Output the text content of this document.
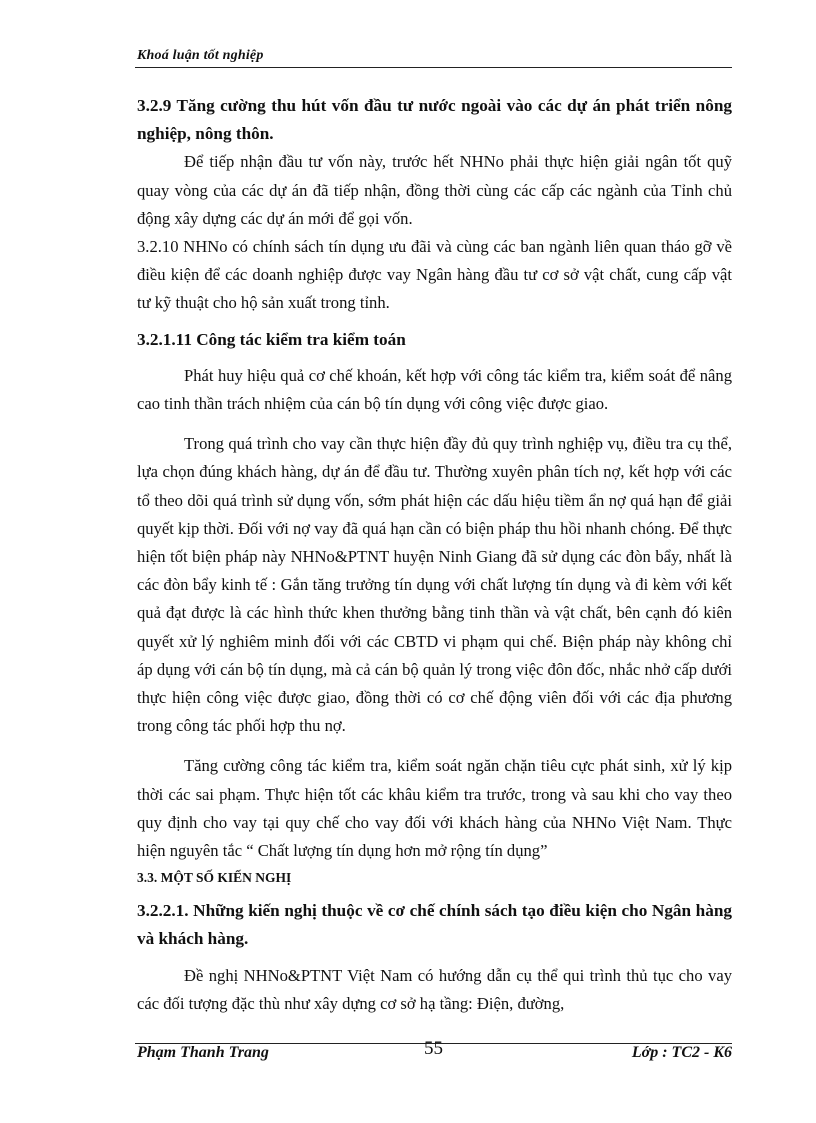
Khoá luận tốt nghiệp

3.2.9 Tăng cường thu hút vốn đầu tư nước ngoài vào các dự án phát triển nông nghiệp, nông thôn.

Để tiếp nhận đầu tư vốn này, trước hết NHNo phải thực hiện giải ngân tốt quỹ quay vòng của các dự án đã tiếp nhận, đồng thời cùng các cấp các ngành của Tỉnh chủ động xây dựng các dự án mới để gọi vốn.

3.2.10 NHNo có chính sách tín dụng ưu đãi và cùng các ban ngành liên quan tháo gỡ về điều kiện để các doanh nghiệp được vay Ngân hàng đầu tư cơ sở vật chất, cung cấp vật tư kỹ thuật cho hộ sản xuất trong tỉnh.

3.2.1.11 Công tác kiểm tra kiểm toán

Phát huy hiệu quả cơ chế khoán, kết hợp với công tác kiểm tra, kiểm soát để nâng cao tinh thần trách nhiệm của cán bộ tín dụng với công việc được giao.

Trong quá trình cho vay cần thực hiện đầy đủ quy trình nghiệp vụ, điều tra cụ thể, lựa chọn đúng khách hàng, dự án để đầu tư. Thường xuyên phân tích nợ, kết hợp với các tổ theo dõi quá trình sử dụng vốn, sớm phát hiện các dấu hiệu tiềm ẩn nợ quá hạn để giải quyết kịp thời. Đối với nợ vay đã quá hạn cần có biện pháp thu hồi nhanh chóng. Để thực hiện tốt biện pháp này NHNo&PTNT huyện Ninh Giang đã sử dụng các đòn bẩy, nhất là các đòn bẩy kinh tế : Gắn tăng trưởng tín dụng với chất lượng tín dụng và đi kèm với kết quả đạt được là các hình thức khen thưởng bằng tinh thần và vật chất, bên cạnh đó kiên quyết xử lý nghiêm minh đối với các CBTD vi phạm qui chế. Biện pháp này không chỉ áp dụng với cán bộ tín dụng, mà cả cán bộ quản lý trong việc đôn đốc, nhắc nhở cấp dưới thực hiện công việc được giao, đồng thời có cơ chế động viên đối với các địa phương trong công tác phối hợp thu nợ.

Tăng cường công tác kiểm tra, kiểm soát ngăn chặn tiêu cực phát sinh, xử lý kịp thời các sai phạm. Thực hiện tốt các khâu kiểm tra trước, trong và sau khi cho vay theo quy định cho vay tại quy chế cho vay đối với khách hàng của NHNo Việt Nam. Thực hiện nguyên tắc “ Chất lượng tín dụng hơn mở rộng tín dụng”

3.3. MỘT SỐ KIẾN NGHỊ

3.2.2.1. Những kiến nghị thuộc về cơ chế chính sách tạo điều kiện cho Ngân hàng và khách hàng.

Đề nghị NHNo&PTNT Việt Nam có hướng dẫn cụ thể qui trình thủ tục cho vay các đối tượng đặc thù như xây dựng cơ sở hạ tầng: Điện, đường,

Phạm Thanh Trang	55	Lớp : TC2 - K6
